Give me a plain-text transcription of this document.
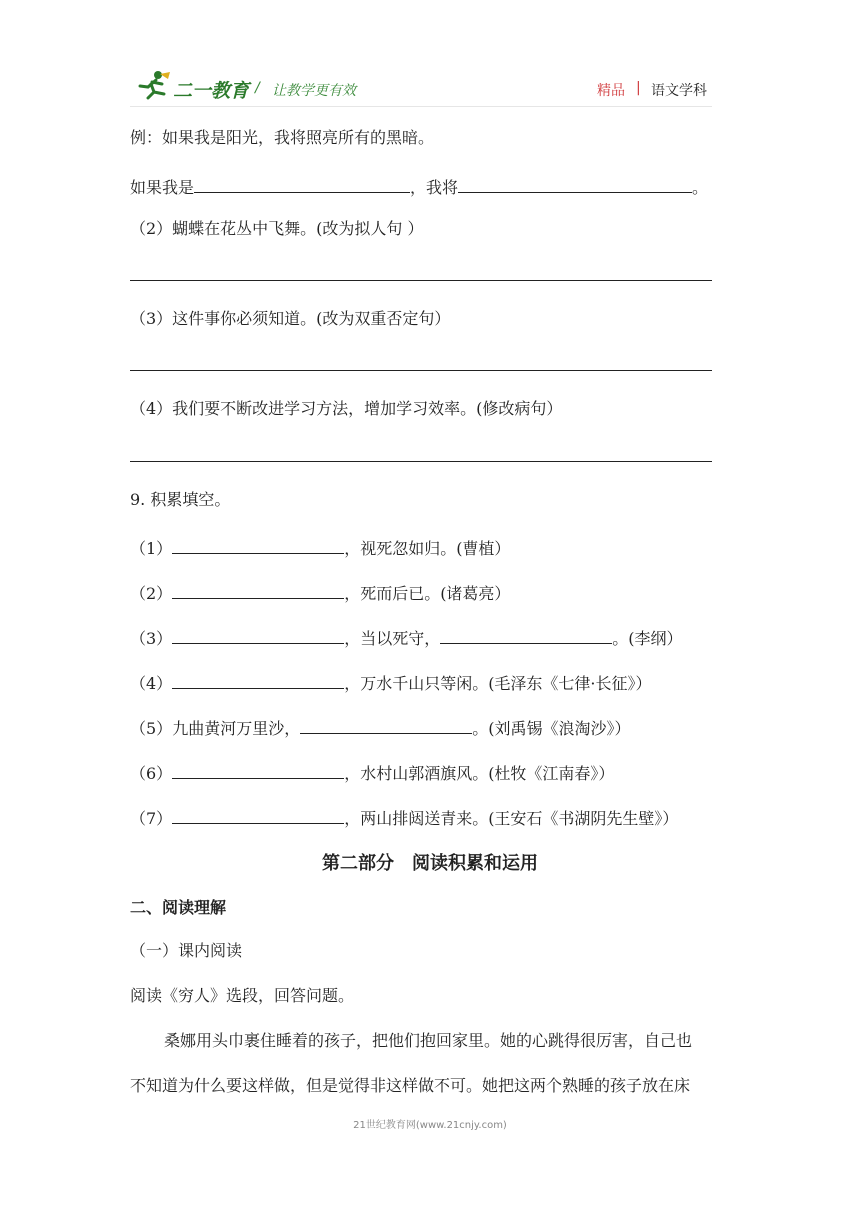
二一教育 / 让教学更有效	精品 | 语文学科
例：如果我是阳光，我将照亮所有的黑暗。
如果我是	，我将	。
（2）蝴蝶在花丛中飞舞。(改为拟人句 ）
（3）这件事你必须知道。(改为双重否定句）
（4）我们要不断改进学习方法，增加学习效率。(修改病句）
9. 积累填空。
（1）	，视死忽如归。(曹植）
（2）	，死而后已。(诸葛亮）
（3）	，当以死守，	。(李纲）
（4）	，万水千山只等闲。(毛泽东《七律·长征》）
（5）九曲黄河万里沙，	。(刘禹锡《浪淘沙》）
（6）	，水村山郭酒旗风。(杜牧《江南春》）
（7）	，两山排闼送青来。(王安石《书湖阴先生壁》）
第二部分　阅读积累和运用
二、阅读理解
（一）课内阅读
阅读《穷人》选段，回答问题。
桑娜用头巾裹住睡着的孩子，把他们抱回家里。她的心跳得很厉害，自己也
不知道为什么要这样做，但是觉得非这样做不可。她把这两个熟睡的孩子放在床
21世纪教育网(www.21cnjy.com)
